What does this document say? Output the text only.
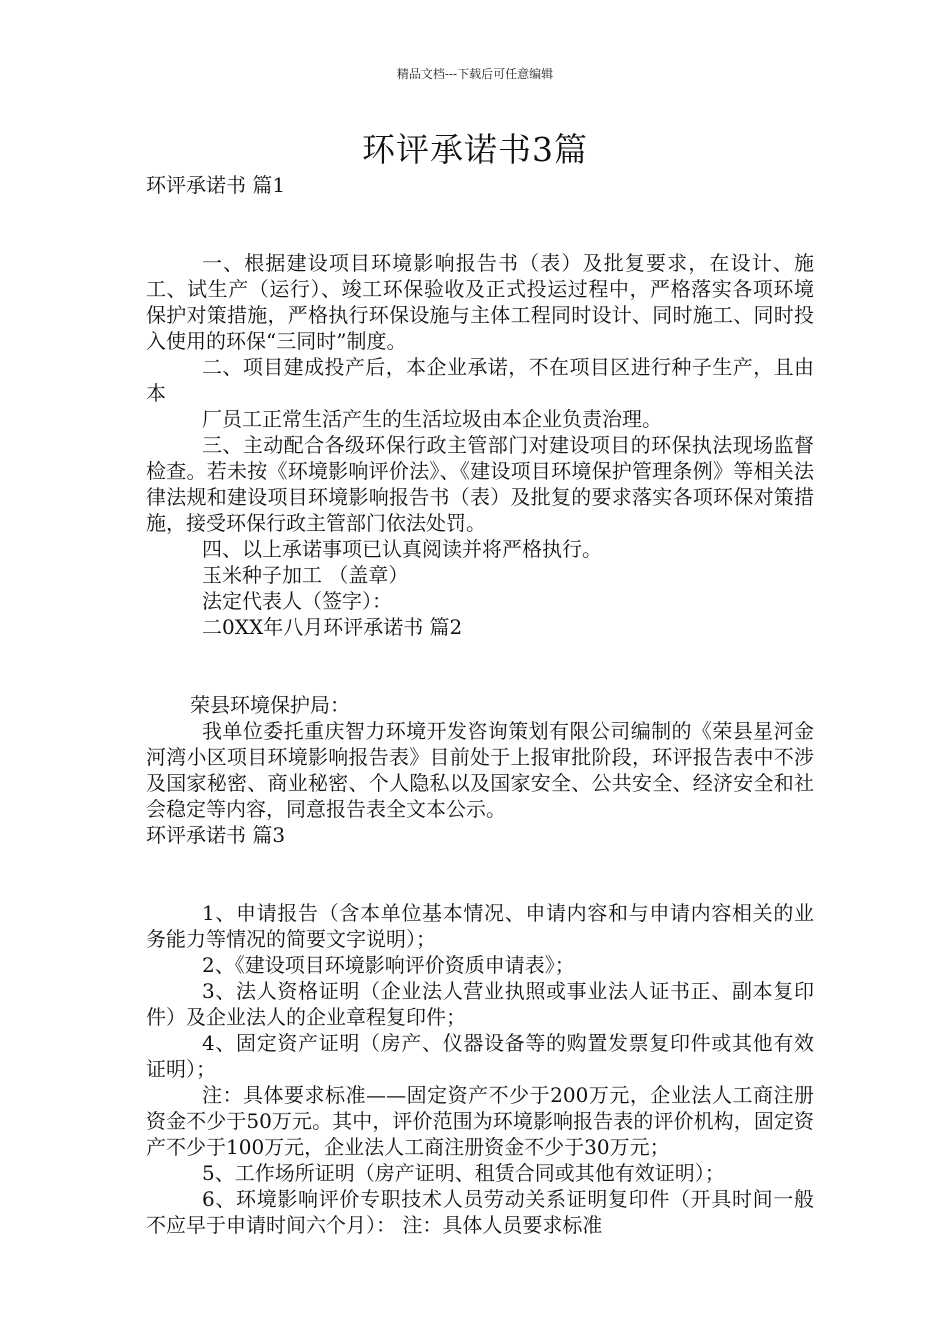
精品文档---下载后可任意编辑
环评承诺书3篇

环评承诺书 篇1

一、根据建设项目环境影响报告书（表）及批复要求，在设计、施工、试生产（运行）、竣工环保验收及正式投运过程中，严格落实各项环境保护对策措施，严格执行环保设施与主体工程同时设计、同时施工、同时投入使用的环保“三同时”制度。

二、项目建成投产后，本企业承诺，不在项目区进行种子生产，且由本

厂员工正常生活产生的生活垃圾由本企业负责治理。

三、主动配合各级环保行政主管部门对建设项目的环保执法现场监督检查。若未按《环境影响评价法》、《建设项目环境保护管理条例》等相关法律法规和建设项目环境影响报告书（表）及批复的要求落实各项环保对策措施，接受环保行政主管部门依法处罚。

四、以上承诺事项已认真阅读并将严格执行。

玉米种子加工 （盖章）

法定代表人（签字）：

二0XX年八月环评承诺书 篇2

荣县环境保护局：

我单位委托重庆智力环境开发咨询策划有限公司编制的《荣县星河金河湾小区项目环境影响报告表》目前处于上报审批阶段，环评报告表中不涉及国家秘密、商业秘密、个人隐私以及国家安全、公共安全、经济安全和社会稳定等内容，同意报告表全文本公示。

环评承诺书 篇3

1、申请报告（含本单位基本情况、申请内容和与申请内容相关的业务能力等情况的简要文字说明）；

2、《建设项目环境影响评价资质申请表》；

3、法人资格证明（企业法人营业执照或事业法人证书正、副本复印件）及企业法人的企业章程复印件；

4、固定资产证明（房产、仪器设备等的购置发票复印件或其他有效证明）；

注：具体要求标准——固定资产不少于200万元，企业法人工商注册资金不少于50万元。其中，评价范围为环境影响报告表的评价机构，固定资产不少于100万元，企业法人工商注册资金不少于30万元；

5、工作场所证明（房产证明、租赁合同或其他有效证明）；

6、环境影响评价专职技术人员劳动关系证明复印件（开具时间一般不应早于申请时间六个月）： 注：具体人员要求标准
